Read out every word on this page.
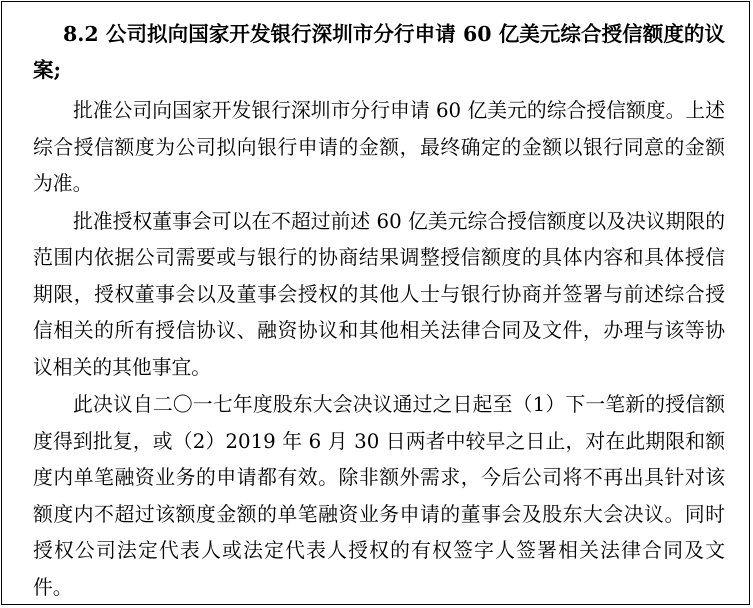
8.2 公司拟向国家开发银行深圳市分行申请 60 亿美元综合授信额度的议案;

批准公司向国家开发银行深圳市分行申请 60 亿美元的综合授信额度。上述综合授信额度为公司拟向银行申请的金额，最终确定的金额以银行同意的金额为准。

批准授权董事会可以在不超过前述 60 亿美元综合授信额度以及决议期限的范围内依据公司需要或与银行的协商结果调整授信额度的具体内容和具体授信期限，授权董事会以及董事会授权的其他人士与银行协商并签署与前述综合授信相关的所有授信协议、融资协议和其他相关法律合同及文件，办理与该等协议相关的其他事宜。

此决议自二〇一七年度股东大会决议通过之日起至（1）下一笔新的授信额度得到批复，或（2）2019 年 6 月 30 日两者中较早之日止，对在此期限和额度内单笔融资业务的申请都有效。除非额外需求，今后公司将不再出具针对该额度内不超过该额度金额的单笔融资业务申请的董事会及股东大会决议。同时授权公司法定代表人或法定代表人授权的有权签字人签署相关法律合同及文件。
